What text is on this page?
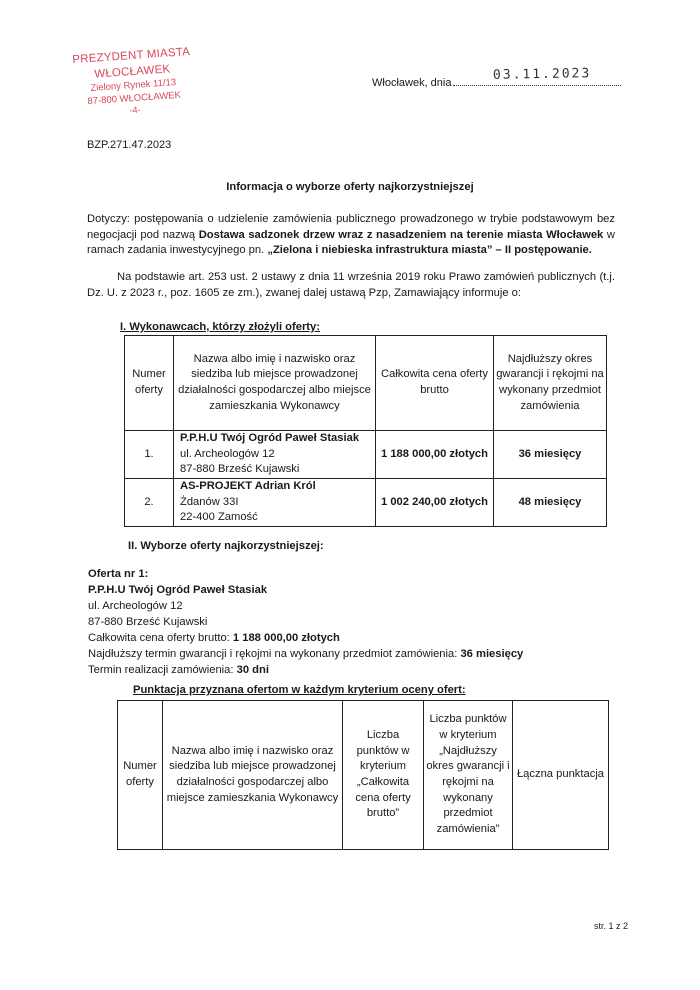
PREZYDENT MIASTA WŁOCŁAWEK
Zielony Rynek 11/13
87-800 WŁOCŁAWEK
-4-
Włocławek, dnia
03.11.2023
BZP.271.47.2023
Informacja o wyborze oferty najkorzystniejszej
Dotyczy: postępowania o udzielenie zamówienia publicznego prowadzonego w trybie podstawowym bez negocjacji pod nazwą Dostawa sadzonek drzew wraz z nasadzeniem na terenie miasta Włocławek w ramach zadania inwestycyjnego pn. „Zielona i niebieska infrastruktura miasta” – II postępowanie.
Na podstawie art. 253 ust. 2 ustawy z dnia 11 września 2019 roku Prawo zamówień publicznych (t.j. Dz. U. z 2023 r., poz. 1605 ze zm.), zwanej dalej ustawą Pzp, Zamawiający informuje o:
I. Wykonawcach, którzy złożyli oferty:
Numer oferty	Nazwa albo imię i nazwisko oraz siedziba lub miejsce prowadzonej działalności gospodarczej albo miejsce zamieszkania Wykonawcy	Całkowita cena oferty brutto	Najdłuższy okres gwarancji i rękojmi na wykonany przedmiot zamówienia
1.	P.P.H.U Twój Ogród Paweł Stasiak
ul. Archeologów 12
87-880 Brześć Kujawski	1 188 000,00 złotych	36 miesięcy
2.	AS-PROJEKT Adrian Król
Żdanów 33I
22-400 Zamość	1 002 240,00 złotych	48 miesięcy
II. Wyborze oferty najkorzystniejszej:
Oferta nr 1:
P.P.H.U Twój Ogród Paweł Stasiak
ul. Archeologów 12
87-880 Brześć Kujawski
Całkowita cena oferty brutto: 1 188 000,00 złotych
Najdłuższy termin gwarancji i rękojmi na wykonany przedmiot zamówienia: 36 miesięcy
Termin realizacji zamówienia: 30 dni
Punktacja przyznana ofertom w każdym kryterium oceny ofert:
Numer oferty	Nazwa albo imię i nazwisko oraz siedziba lub miejsce prowadzonej działalności gospodarczej albo miejsce zamieszkania Wykonawcy	Liczba punktów w kryterium „Całkowita cena oferty brutto”	Liczba punktów w kryterium „Najdłuższy okres gwarancji i rękojmi na wykonany przedmiot zamówienia”	Łączna punktacja
str. 1 z 2
